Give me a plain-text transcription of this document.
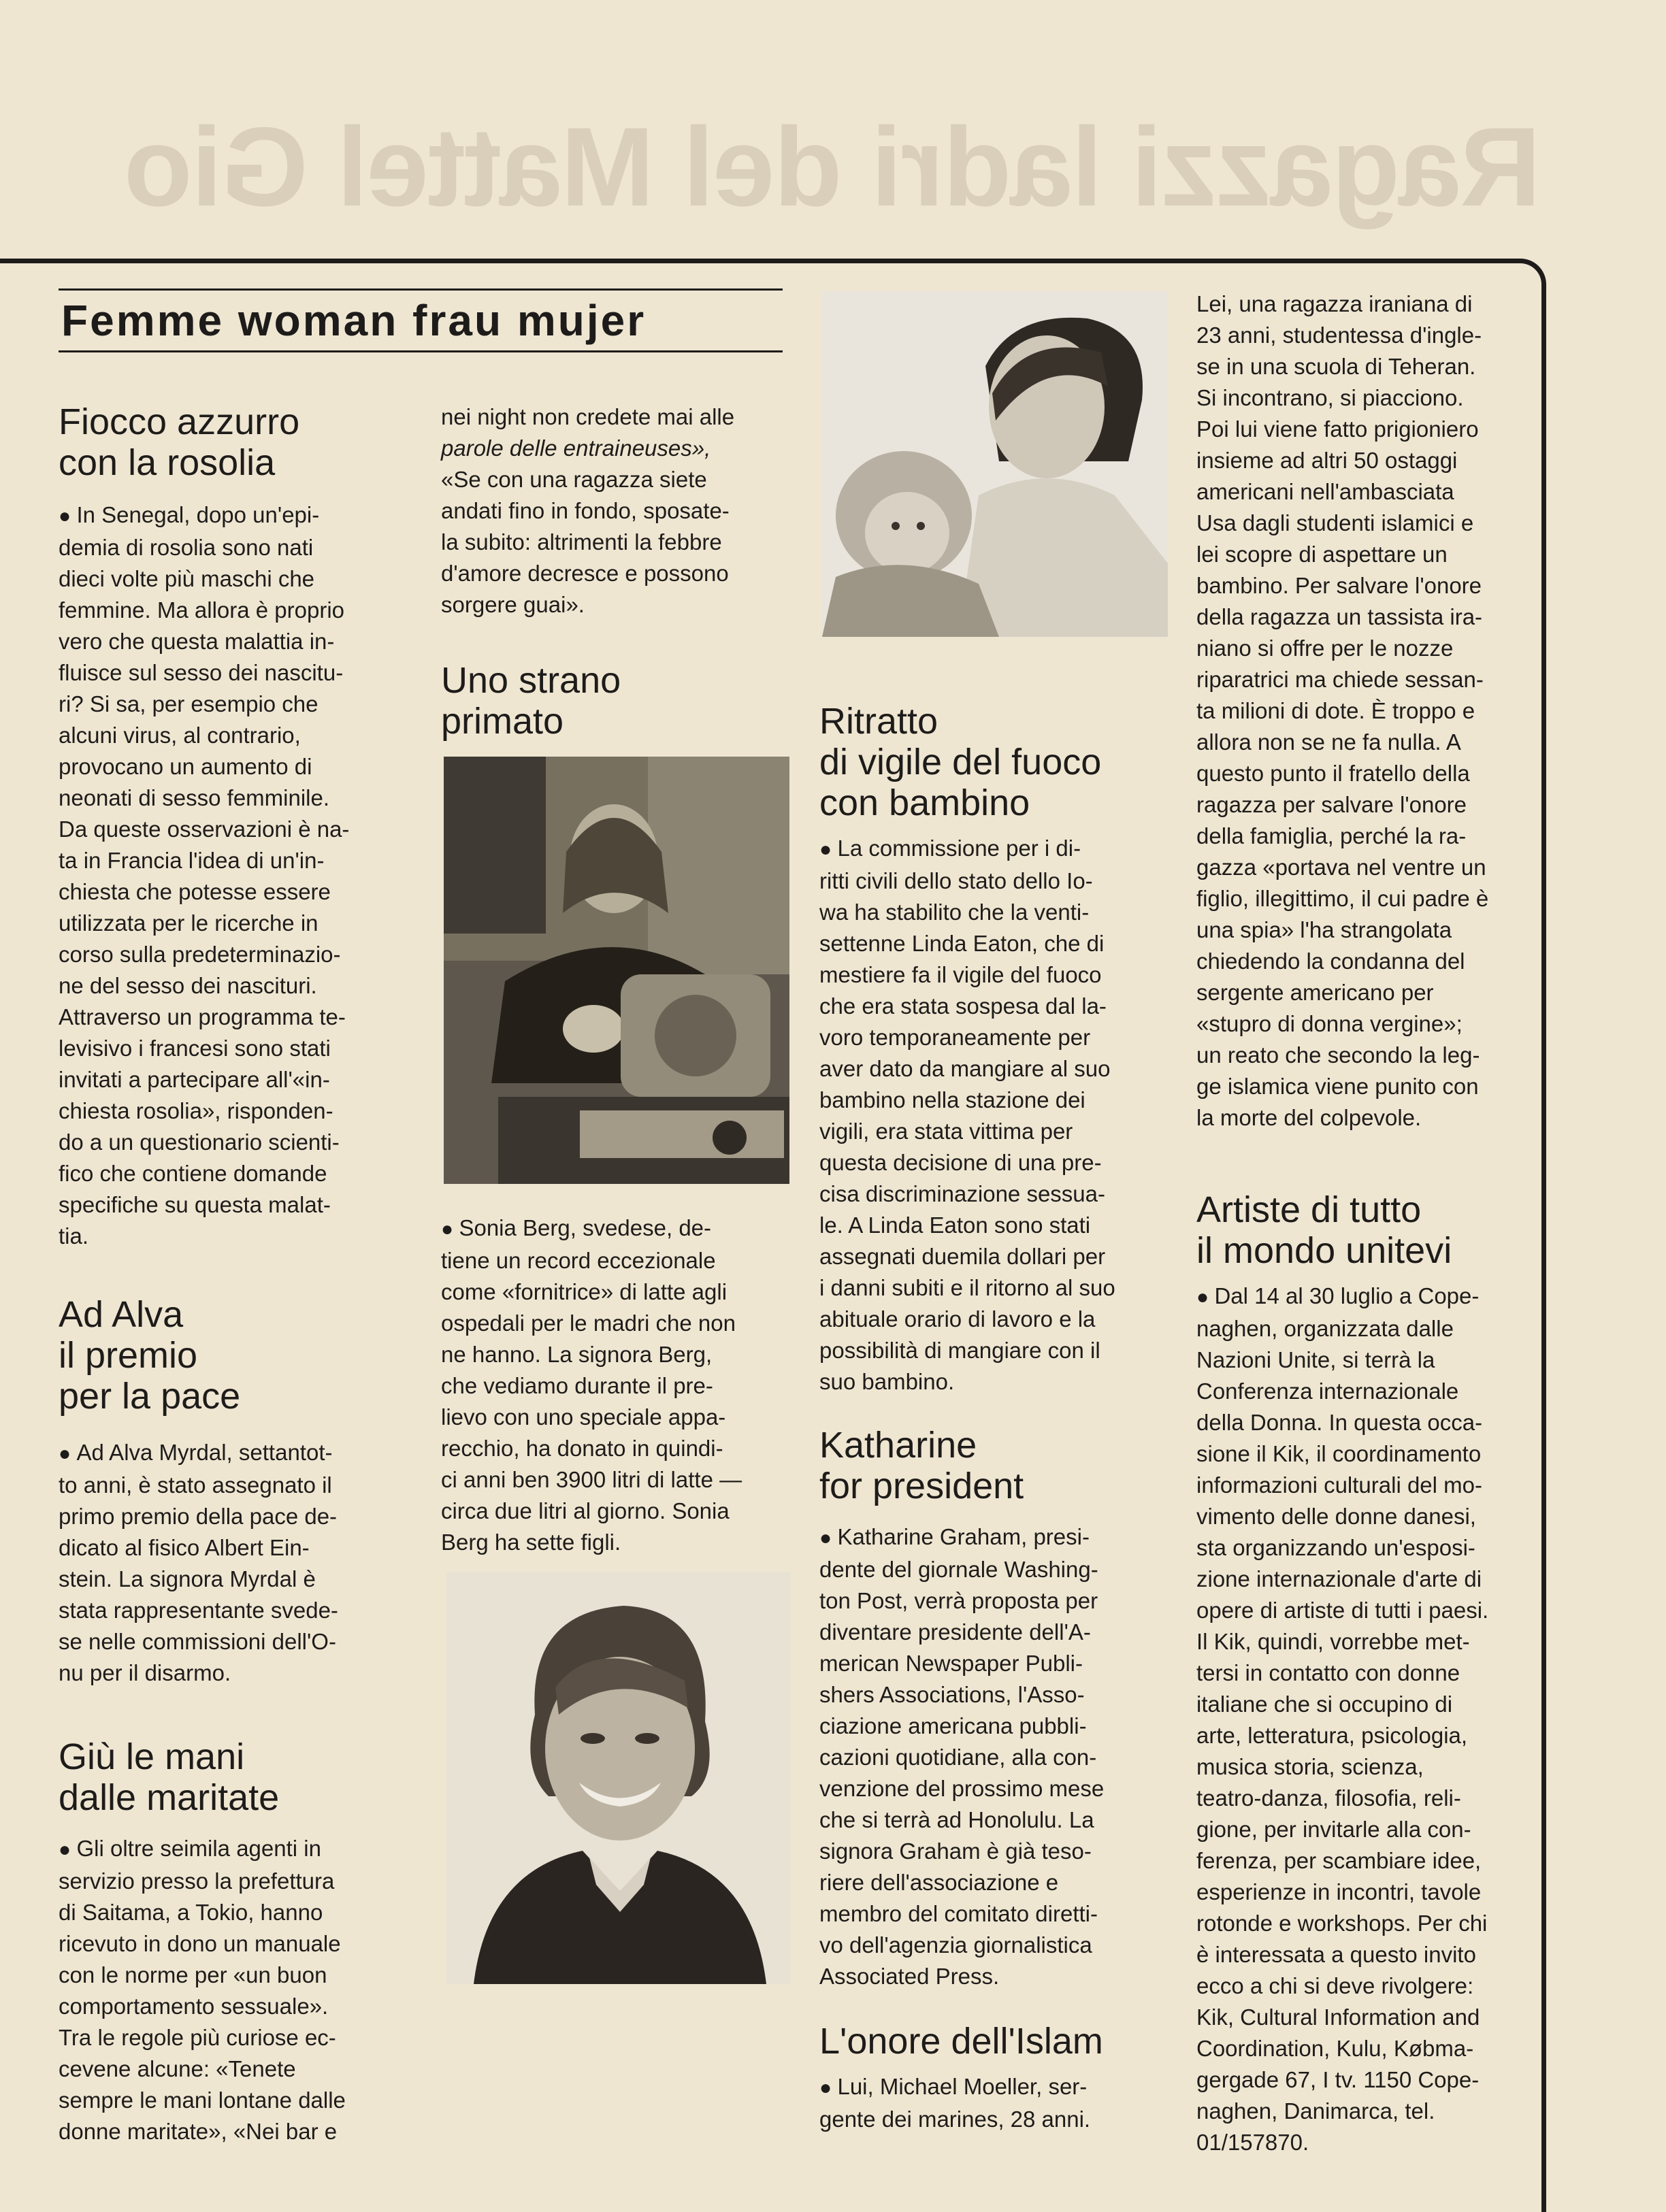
Ragazzi ladri del Mattel Gio
Femme woman frau mujer
Fiocco azzurro
con la rosolia

● In Senegal, dopo un'epi-

demia di rosolia sono nati

dieci volte più maschi che

femmine. Ma allora è proprio

vero che questa malattia in-

fluisce sul sesso dei nascitu-

ri? Si sa, per esempio che

alcuni virus, al contrario,

provocano un aumento di

neonati di sesso femminile.

Da queste osservazioni è na-

ta in Francia l'idea di un'in-

chiesta che potesse essere

utilizzata per le ricerche in

corso sulla predeterminazio-

ne del sesso dei nascituri.

Attraverso un programma te-

levisivo i francesi sono stati

invitati a partecipare all'«in-

chiesta rosolia», risponden-

do a un questionario scienti-

fico che contiene domande

specifiche su questa malat-

tia.

Ad Alva
il premio
per la pace

● Ad Alva Myrdal, settantot-

to anni, è stato assegnato il

primo premio della pace de-

dicato al fisico Albert Ein-

stein. La signora Myrdal è

stata rappresentante svede-

se nelle commissioni dell'O-

nu per il disarmo.

Giù le mani
dalle maritate

● Gli oltre seimila agenti in

servizio presso la prefettura

di Saitama, a Tokio, hanno

ricevuto in dono un manuale

con le norme per «un buon

comportamento sessuale».

Tra le regole più curiose ec-

cevene alcune: «Tenete

sempre le mani lontane dalle

donne maritate», «Nei bar e

nei night non credete mai alle

parole delle entraineuses»,

«Se con una ragazza siete

andati fino in fondo, sposate-

la subito: altrimenti la febbre

d'amore decresce e possono

sorgere guai».

Uno strano
primato

● Sonia Berg, svedese, de-

tiene un record eccezionale

come «fornitrice» di latte agli

ospedali per le madri che non

ne hanno. La signora Berg,

che vediamo durante il pre-

lievo con uno speciale appa-

recchio, ha donato in quindi-

ci anni ben 3900 litri di latte —

circa due litri al giorno. Sonia

Berg ha sette figli.

Ritratto
di vigile del fuoco
con bambino

● La commissione per i di-

ritti civili dello stato dello Io-

wa ha stabilito che la venti-

settenne Linda Eaton, che di

mestiere fa il vigile del fuoco

che era stata sospesa dal la-

voro temporaneamente per

aver dato da mangiare al suo

bambino nella stazione dei

vigili, era stata vittima per

questa decisione di una pre-

cisa discriminazione sessua-

le. A Linda Eaton sono stati

assegnati duemila dollari per

i danni subiti e il ritorno al suo

abituale orario di lavoro e la

possibilità di mangiare con il

suo bambino.

Katharine
for president

● Katharine Graham, presi-

dente del giornale Washing-

ton Post, verrà proposta per

diventare presidente dell'A-

merican Newspaper Publi-

shers Associations, l'Asso-

ciazione americana pubbli-

cazioni quotidiane, alla con-

venzione del prossimo mese

che si terrà ad Honolulu. La

signora Graham è già teso-

riere dell'associazione e

membro del comitato diretti-

vo dell'agenzia giornalistica

Associated Press.

L'onore dell'Islam

● Lui, Michael Moeller, ser-

gente dei marines, 28 anni.

Lei, una ragazza iraniana di

23 anni, studentessa d'ingle-

se in una scuola di Teheran.

Si incontrano, si piacciono.

Poi lui viene fatto prigioniero

insieme ad altri 50 ostaggi

americani nell'ambasciata

Usa dagli studenti islamici e

lei scopre di aspettare un

bambino. Per salvare l'onore

della ragazza un tassista ira-

niano si offre per le nozze

riparatrici ma chiede sessan-

ta milioni di dote. È troppo e

allora non se ne fa nulla. A

questo punto il fratello della

ragazza per salvare l'onore

della famiglia, perché la ra-

gazza «portava nel ventre un

figlio, illegittimo, il cui padre è

una spia» l'ha strangolata

chiedendo la condanna del

sergente americano per

«stupro di donna vergine»;

un reato che secondo la leg-

ge islamica viene punito con

la morte del colpevole.

Artiste di tutto
il mondo unitevi

● Dal 14 al 30 luglio a Cope-

naghen, organizzata dalle

Nazioni Unite, si terrà la

Conferenza internazionale

della Donna. In questa occa-

sione il Kik, il coordinamento

informazioni culturali del mo-

vimento delle donne danesi,

sta organizzando un'esposi-

zione internazionale d'arte di

opere di artiste di tutti i paesi.

Il Kik, quindi, vorrebbe met-

tersi in contatto con donne

italiane che si occupino di

arte, letteratura, psicologia,

musica storia, scienza,

teatro-danza, filosofia, reli-

gione, per invitarle alla con-

ferenza, per scambiare idee,

esperienze in incontri, tavole

rotonde e workshops. Per chi

è interessata a questo invito

ecco a chi si deve rivolgere:

Kik, Cultural Information and

Coordination, Kulu, Købma-

gergade 67, I tv. 1150 Cope-

naghen, Danimarca, tel.

01/157870.
